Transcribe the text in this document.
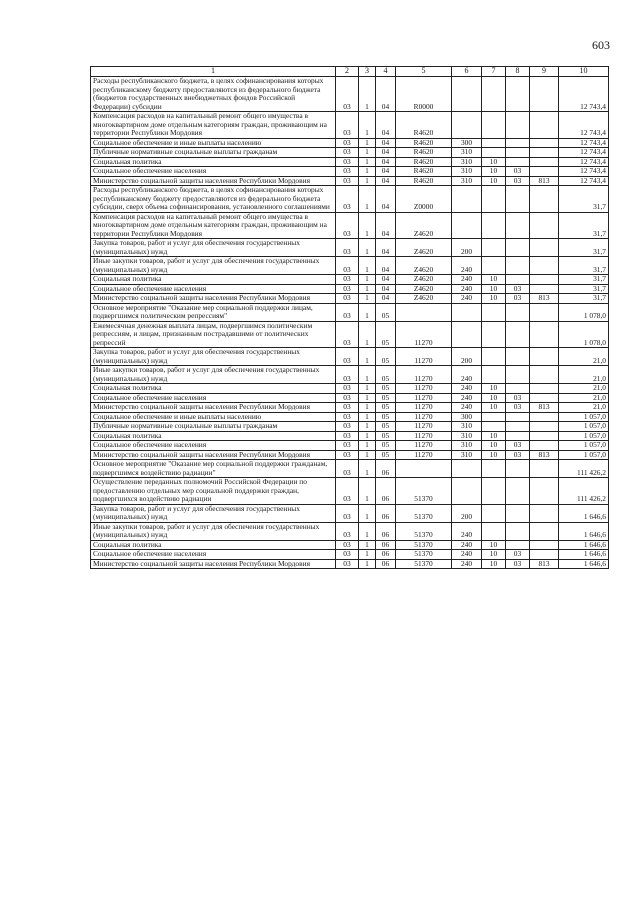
603
1	2	3	4	5	6	7	8	9	10
Расходы республиканского бюджета, в целях софинансирования которых республиканскому бюджету предоставляются из федерального бюджета (бюджетов государственных внебюджетных фондов Российской Федерации) субсидии	03	1	04	R0000					12 743,4
Компенсация расходов на капитальный ремонт общего имущества в многоквартирном доме отдельным категориям граждан, проживающим на территории Республики Мордовия	03	1	04	R4620					12 743,4
Социальное обеспечение и иные выплаты населению	03	1	04	R4620	300				12 743,4
Публичные нормативные социальные выплаты гражданам	03	1	04	R4620	310				12 743,4
Социальная политика	03	1	04	R4620	310	10			12 743,4
Социальное обеспечение населения	03	1	04	R4620	310	10	03		12 743,4
Министерство социальной защиты населения Республики Мордовия	03	1	04	R4620	310	10	03	813	12 743,4
Расходы республиканского бюджета, в целях софинансирования которых республиканскому бюджету предоставляются из федерального бюджета субсидии, сверх объема софинансирования, установленного соглашениями	03	1	04	Z0000					31,7
Компенсация расходов на капитальный ремонт общего имущества в многоквартирном доме отдельным категориям граждан, проживающим на территории Республики Мордовия	03	1	04	Z4620					31,7
Закупка товаров, работ и услуг для обеспечения государственных (муниципальных) нужд	03	1	04	Z4620	200				31,7
Иные закупки товаров, работ и услуг для обеспечения государственных (муниципальных) нужд	03	1	04	Z4620	240				31,7
Социальная политика	03	1	04	Z4620	240	10			31,7
Социальное обеспечение населения	03	1	04	Z4620	240	10	03		31,7
Министерство социальной защиты населения Республики Мордовия	03	1	04	Z4620	240	10	03	813	31,7
Основное мероприятие "Оказание мер социальной поддержки лицам, подвергшимся политическим репрессиям"	03	1	05						1 078,0
Ежемесячная денежная выплата лицам, подвергшимся политическим репрессиям, и лицам, признанным пострадавшими от политических репрессий	03	1	05	11270					1 078,0
Закупка товаров, работ и услуг для обеспечения государственных (муниципальных) нужд	03	1	05	11270	200				21,0
Иные закупки товаров, работ и услуг для обеспечения государственных (муниципальных) нужд	03	1	05	11270	240				21,0
Социальная политика	03	1	05	11270	240	10			21,0
Социальное обеспечение населения	03	1	05	11270	240	10	03		21,0
Министерство социальной защиты населения Республики Мордовия	03	1	05	11270	240	10	03	813	21,0
Социальное обеспечение и иные выплаты населению	03	1	05	11270	300				1 057,0
Публичные нормативные социальные выплаты гражданам	03	1	05	11270	310				1 057,0
Социальная политика	03	1	05	11270	310	10			1 057,0
Социальное обеспечение населения	03	1	05	11270	310	10	03		1 057,0
Министерство социальной защиты населения Республики Мордовия	03	1	05	11270	310	10	03	813	1 057,0
Основное мероприятие "Оказание мер социальной поддержки гражданам, подвергшимся воздействию радиации"	03	1	06						111 426,2
Осуществление переданных полномочий Российской Федерации по предоставлению отдельных мер социальной поддержки граждан, подвергшихся воздействию радиации	03	1	06	51370					111 426,2
Закупка товаров, работ и услуг для обеспечения государственных (муниципальных) нужд	03	1	06	51370	200				1 646,6
Иные закупки товаров, работ и услуг для обеспечения государственных (муниципальных) нужд	03	1	06	51370	240				1 646,6
Социальная политика	03	1	06	51370	240	10			1 646,6
Социальное обеспечение населения	03	1	06	51370	240	10	03		1 646,6
Министерство социальной защиты населения Республики Мордовия	03	1	06	51370	240	10	03	813	1 646,6
